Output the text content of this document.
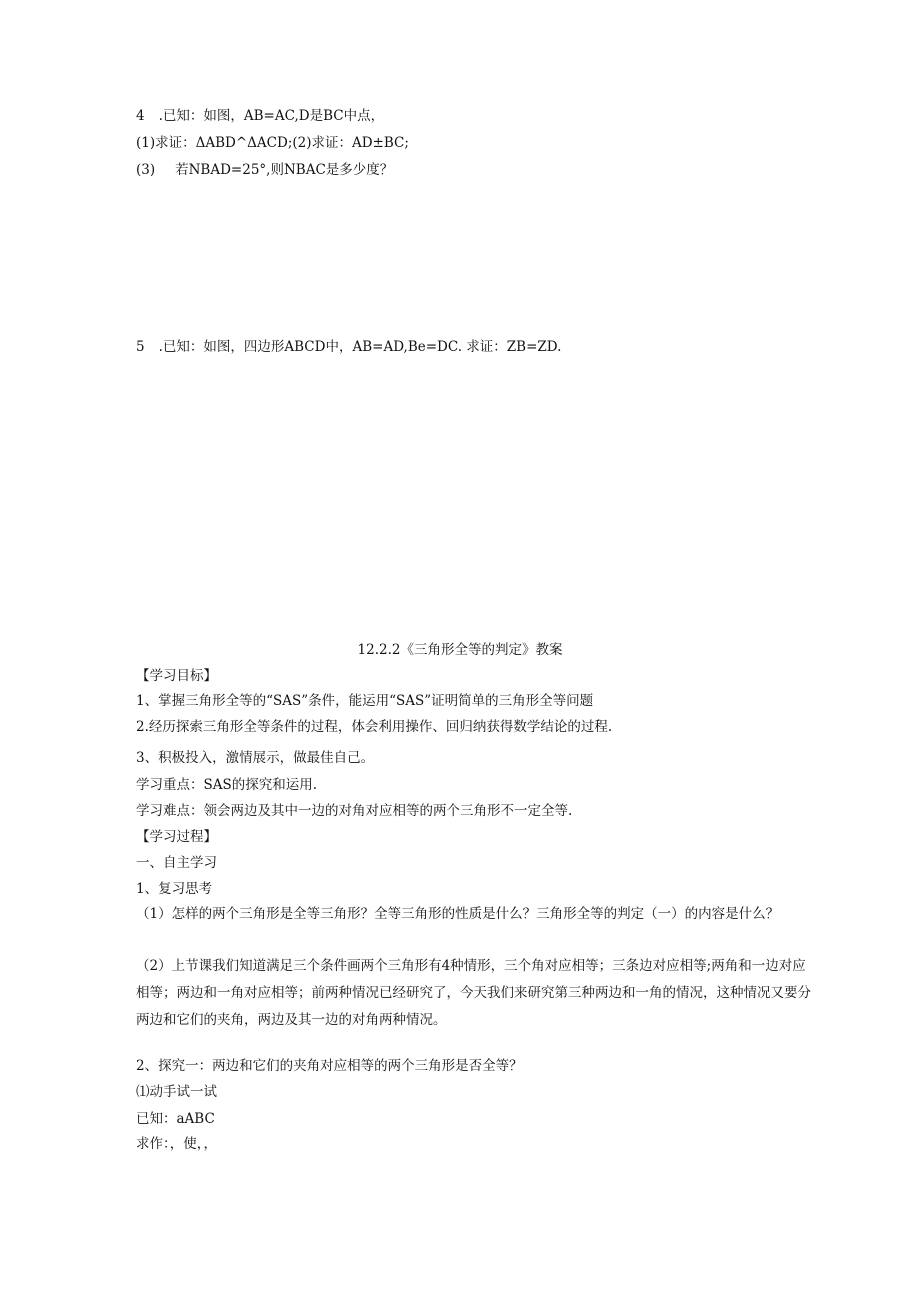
4 .已知：如图，AB=AC,D是BC中点，
(1)求证：ΔABD^ΔACD;(2)求证：AD±BC;
(3) 若NBAD=25°,则NBAC是多少度？
5 .已知：如图，四边形ABCD中，AB=AD,Be=DC. 求证：ZB=ZD.
12.2.2《三角形全等的判定》教案
【学习目标】
1、掌握三角形全等的“SAS”条件，能运用“SAS”证明简单的三角形全等问题
2.经历探索三角形全等条件的过程，体会利用操作、回归纳获得数学结论的过程.
3、积极投入，激情展示，做最佳自己。
学习重点：SAS的探究和运用.
学习难点：领会两边及其中一边的对角对应相等的两个三角形不一定全等.
【学习过程】
一、自主学习
1、复习思考
（1）怎样的两个三角形是全等三角形？全等三角形的性质是什么？三角形全等的判定（一）的内容是什么？
（2）上节课我们知道满足三个条件画两个三角形有4种情形，三个角对应相等；三条边对应相等;两角和一边对应
相等；两边和一角对应相等；前两种情况已经研究了，今天我们来研究第三种两边和一角的情况，这种情况又要分
两边和它们的夹角，两边及其一边的对角两种情况。
2、探究一：两边和它们的夹角对应相等的两个三角形是否全等？
⑴动手试一试
已知：aABC
求作：，使，，
